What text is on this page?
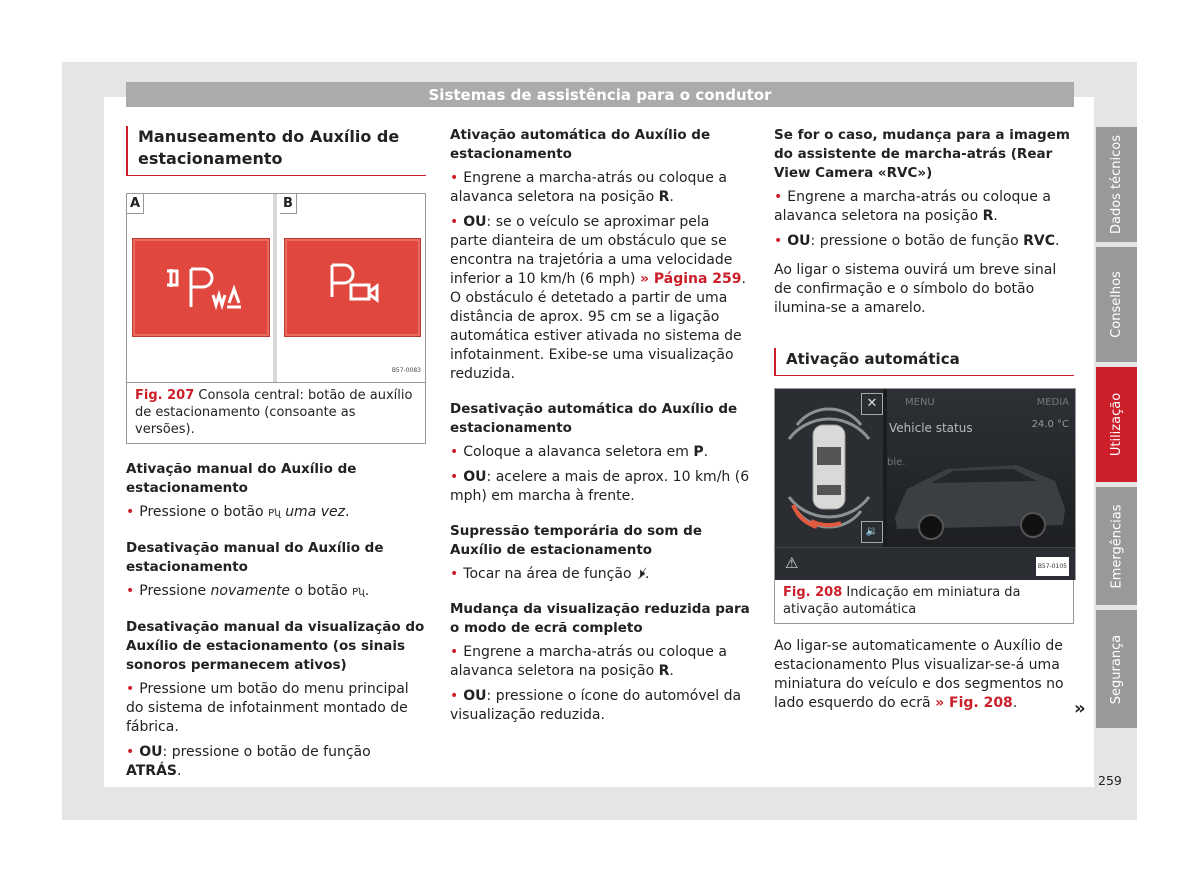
Sistemas de assistência para o condutor
Manuseamento do Auxílio de estacionamento
A	B
B57-0083
Fig. 207 Consola central: botão de auxílio de estacionamento (consoante as versões).
Ativação manual do Auxílio de estacionamento

• Pressione o botão Pʯ uma vez.

Desativação manual do Auxílio de estacionamento

• Pressione novamente o botão Pʯ.

Desativação manual da visualização do Auxílio de estacionamento (os sinais sonoros permanecem ativos)

• Pressione um botão do menu principal do sistema de infotainment montado de fábrica.

• OU: pressione o botão de função ATRÁS.

Ativação automática do Auxílio de estacionamento

• Engrene a marcha-atrás ou coloque a alavanca seletora na posição R.

• OU: se o veículo se aproximar pela parte dianteira de um obstáculo que se encontra na trajetória a uma velocidade inferior a 10 km/h (6 mph) » Página 259. O obstáculo é detetado a partir de uma distância de aprox. 95 cm se a ligação automática estiver ativada no sistema de infotainment. Exibe-se uma visualização reduzida.

Desativação automática do Auxílio de estacionamento

• Coloque a alavanca seletora em P.

• OU: acelere a mais de aprox. 10 km/h (6 mph) em marcha à frente.

Supressão temporária do som de Auxílio de estacionamento

• Tocar na área de função 🕨̸.

Mudança da visualização reduzida para o modo de ecrã completo

• Engrene a marcha-atrás ou coloque a alavanca seletora na posição R.

• OU: pressione o ícone do automóvel da visualização reduzida.

Se for o caso, mudança para a imagem do assistente de marcha-atrás (Rear View Camera «RVC»)

• Engrene a marcha-atrás ou coloque a alavanca seletora na posição R.

• OU: pressione o botão de função RVC.

Ao ligar o sistema ouvirá um breve sinal de confirmação e o símbolo do botão ilumina-se a amarelo.

Ativação automática
✕
🔉
MENU	MEDIA
Vehicle status	24.0 °C
ble.
⚠	B57-0105
Fig. 208 Indicação em miniatura da ativação automática

Ao ligar-se automaticamente o Auxílio de estacionamento Plus visualizar-se-á uma miniatura do veículo e dos segmentos no lado esquerdo do ecrã » Fig. 208.	»
Dados técnicos
Conselhos
Utilização
Emergências
Segurança
259
